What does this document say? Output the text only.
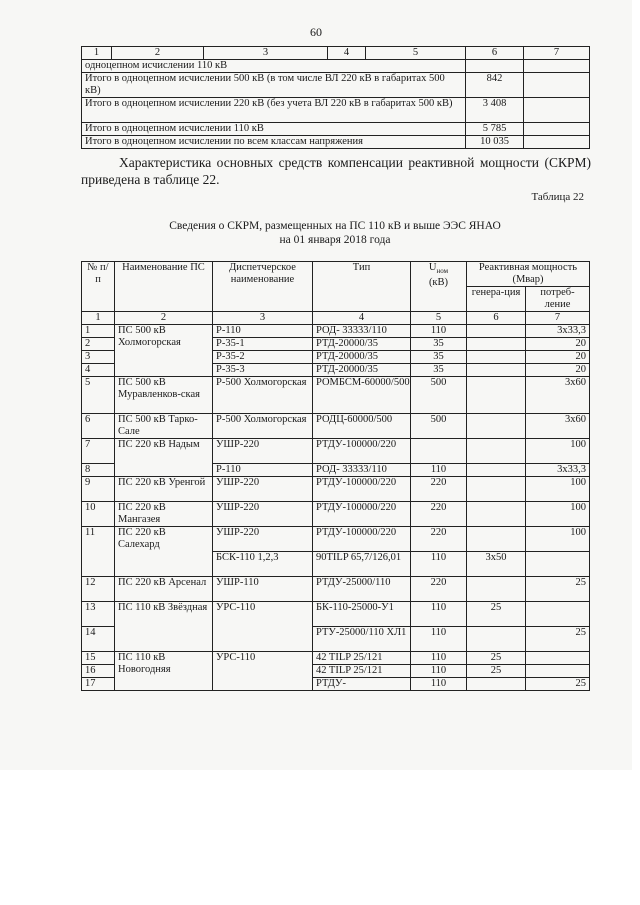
60
1	2	3	4	5	6	7
одноцепном исчислении 110 кВ						
Итого в одноцепном исчислении 500 кВ (в том числе ВЛ 220 кВ в габаритах 500 кВ)					842	
Итого в одноцепном исчислении 220 кВ (без учета ВЛ 220 кВ в габаритах 500 кВ)					3 408	
Итого в одноцепном исчислении 110 кВ					5 785	
Итого в одноцепном исчислении по всем классам напряжения					10 035	
Характеристика основных средств компенсации реактивной мощности (СКРМ) приведена в таблице 22.
Таблица 22
Сведения о СКРМ, размещенных на ПС 110 кВ и выше ЭЭС ЯНАО
на 01 января 2018 года
№ п/п	Наименование ПС	Диспетчерское наименование	Тип	$U_{ном}$
(кВ)	Реактивная мощность (Мвар)	
					генера-ция	потреб-ление
1	2	3	4	5	6	7
1	ПС 500 кВ Холмогорская	Р-110	РОД- 33333/110	110		3х33,3
2		Р-35-1	РТД-20000/35	35		20
3		Р-35-2	РТД-20000/35	35		20
4		Р-35-3	РТД-20000/35	35		20
5	ПС 500 кВ Муравленков-ская	Р-500 Холмогорская	РОМБСМ-60000/500	500		3х60
6	ПС 500 кВ Тарко-Сале	Р-500 Холмогорская	РОДЦ-60000/500	500		3х60
7	ПС 220 кВ Надым	УШР-220	РТДУ-100000/220			100
8		Р-110	РОД- 33333/110	110		3х33,3
9	ПС 220 кВ Уренгой	УШР-220	РТДУ-100000/220	220		100
10	ПС 220 кВ Мангазея	УШР-220	РТДУ-100000/220	220		100
11	ПС 220 кВ Салехард	УШР-220	РТДУ-100000/220	220		100
		БСК-110 1,2,3	90TILP 65,7/126,01	110	3х50	
12	ПС 220 кВ Арсенал	УШР-110	РТДУ-25000/110	220		25
13	ПС 110 кВ Звёздная	УРС-110	БК-110-25000-У1	110	25	
14			РТУ-25000/110 ХЛ1	110		25
15	ПС 110 кВ Новогодняя	УРС-110	42 TILP 25/121	110	25	
16			42 TILP 25/121	110	25	
17			РТДУ-	110		25
